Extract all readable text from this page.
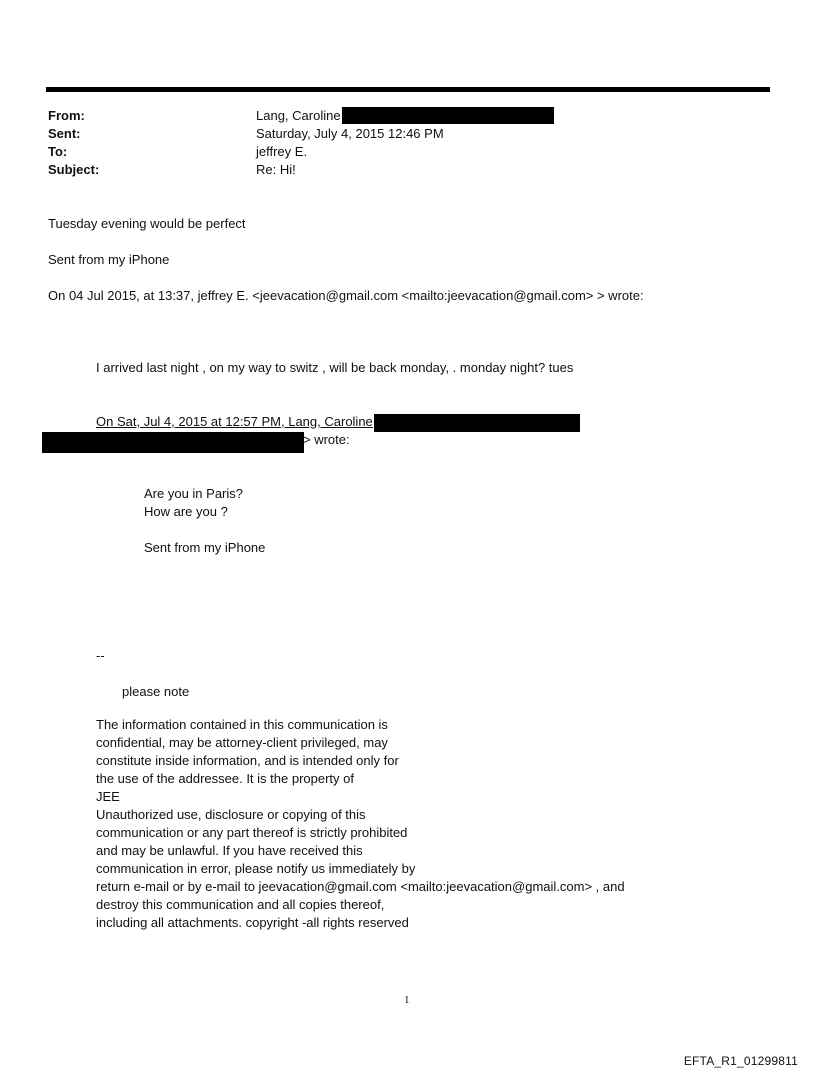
From:	Lang, Caroline
Sent:	Saturday, July 4, 2015 12:46 PM
To:	jeffrey E.
Subject:	Re: Hi!
Tuesday evening would be perfect
Sent from my iPhone
On 04 Jul 2015, at 13:37, jeffrey E. <jeevacation@gmail.com <mailto:jeevacation@gmail.com> > wrote:
I arrived last night , on my way to switz , will be back monday, . monday night? tues
On Sat, Jul 4, 2015 at 12:57 PM, Lang, Caroline
> wrote:
Are you in Paris?
How are you ?
Sent from my iPhone
--
please note
The information contained in this communication is
confidential, may be attorney-client privileged, may
constitute inside information, and is intended only for
the use of the addressee. It is the property of
JEE
Unauthorized use, disclosure or copying of this
communication or any part thereof is strictly prohibited
and may be unlawful. If you have received this
communication in error, please notify us immediately by
return e-mail or by e-mail to jeevacation@gmail.com <mailto:jeevacation@gmail.com> , and
destroy this communication and all copies thereof,
including all attachments. copyright -all rights reserved
1
EFTA_R1_01299811
